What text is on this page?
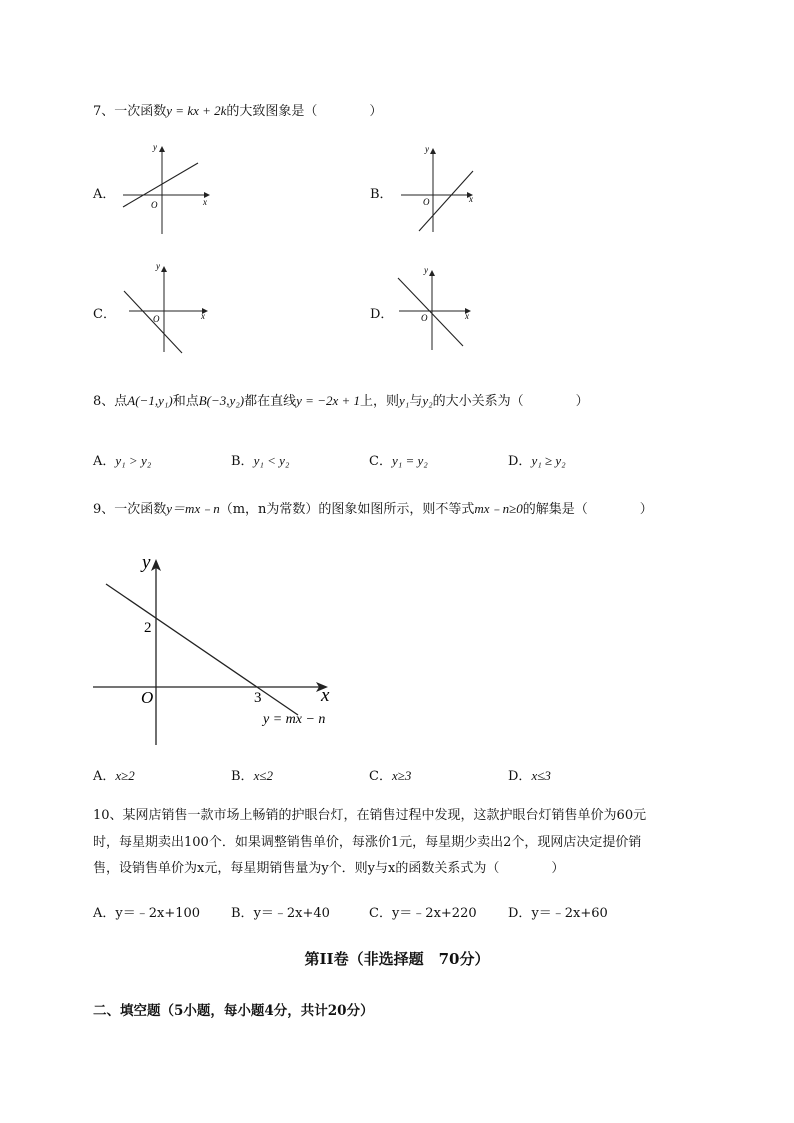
7、一次函数y = kx + 2k的大致图象是（　　　　）
A．	B．
C．	D．
x
y
O
x
y
O
x
y
O	x
y
O
8、点A(−1,y₁)和点B(−3,y₂)都在直线y = −2x + 1上，则y₁与y₂的大小关系为（　　　　）
A．y₁ > y₂	B．y₁ < y₂	C．y₁ = y₂	D．y₁ ≥ y₂
9、一次函数y＝mx﹣n（m，n为常数）的图象如图所示，则不等式mx﹣n≥0的解集是（　　　　）
y
x
O
2
3
y = mx − n
A．x≥2	B．x≤2	C．x≥3	D．x≤3
10、某网店销售一款市场上畅销的护眼台灯，在销售过程中发现，这款护眼台灯销售单价为60元
时，每星期卖出100个．如果调整销售单价，每涨价1元，每星期少卖出2个，现网店决定提价销
售，设销售单价为x元，每星期销售量为y个．则y与x的函数关系式为（　　　　）
A．y＝﹣2x+100 B．y＝﹣2x+40	C．y＝﹣2x+220 D．y＝﹣2x+60
第II卷（非选择题　70分）
二、填空题（5小题，每小题4分，共计20分）
